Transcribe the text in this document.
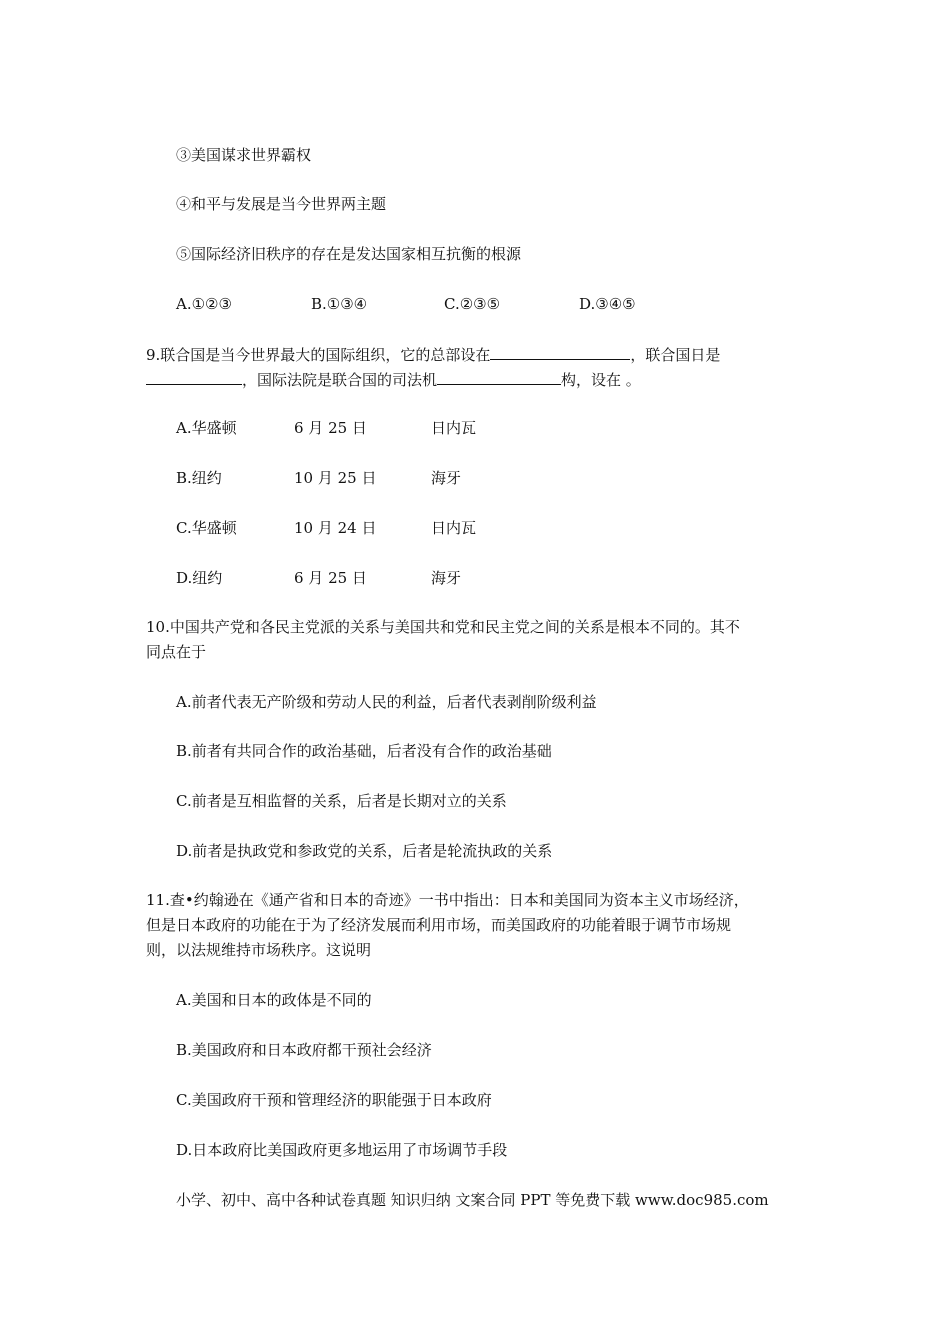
③美国谋求世界霸权
④和平与发展是当今世界两主题
⑤国际经济旧秩序的存在是发达国家相互抗衡的根源
A.①②③	B.①③④	C.②③⑤	D.③④⑤
9.联合国是当今世界最大的国际组织，它的总部设在	，联合国日是
，国际法院是联合国的司法机	构，设在 。
A.华盛顿	6 月 25 日	日内瓦
B.纽约	10 月 25 日	海牙
C.华盛顿	10 月 24 日	日内瓦
D.纽约	6 月 25 日	海牙
10.中国共产党和各民主党派的关系与美国共和党和民主党之间的关系是根本不同的。其不
同点在于
A.前者代表无产阶级和劳动人民的利益，后者代表剥削阶级利益
B.前者有共同合作的政治基础，后者没有合作的政治基础
C.前者是互相监督的关系，后者是长期对立的关系
D.前者是执政党和参政党的关系，后者是轮流执政的关系
11.查•约翰逊在《通产省和日本的奇迹》一书中指出：日本和美国同为资本主义市场经济，
但是日本政府的功能在于为了经济发展而利用市场，而美国政府的功能着眼于调节市场规
则，以法规维持市场秩序。这说明
A.美国和日本的政体是不同的
B.美国政府和日本政府都干预社会经济
C.美国政府干预和管理经济的职能强于日本政府
D.日本政府比美国政府更多地运用了市场调节手段
小学、初中、高中各种试卷真题 知识归纳 文案合同 PPT 等免费下载 www.doc985.com
